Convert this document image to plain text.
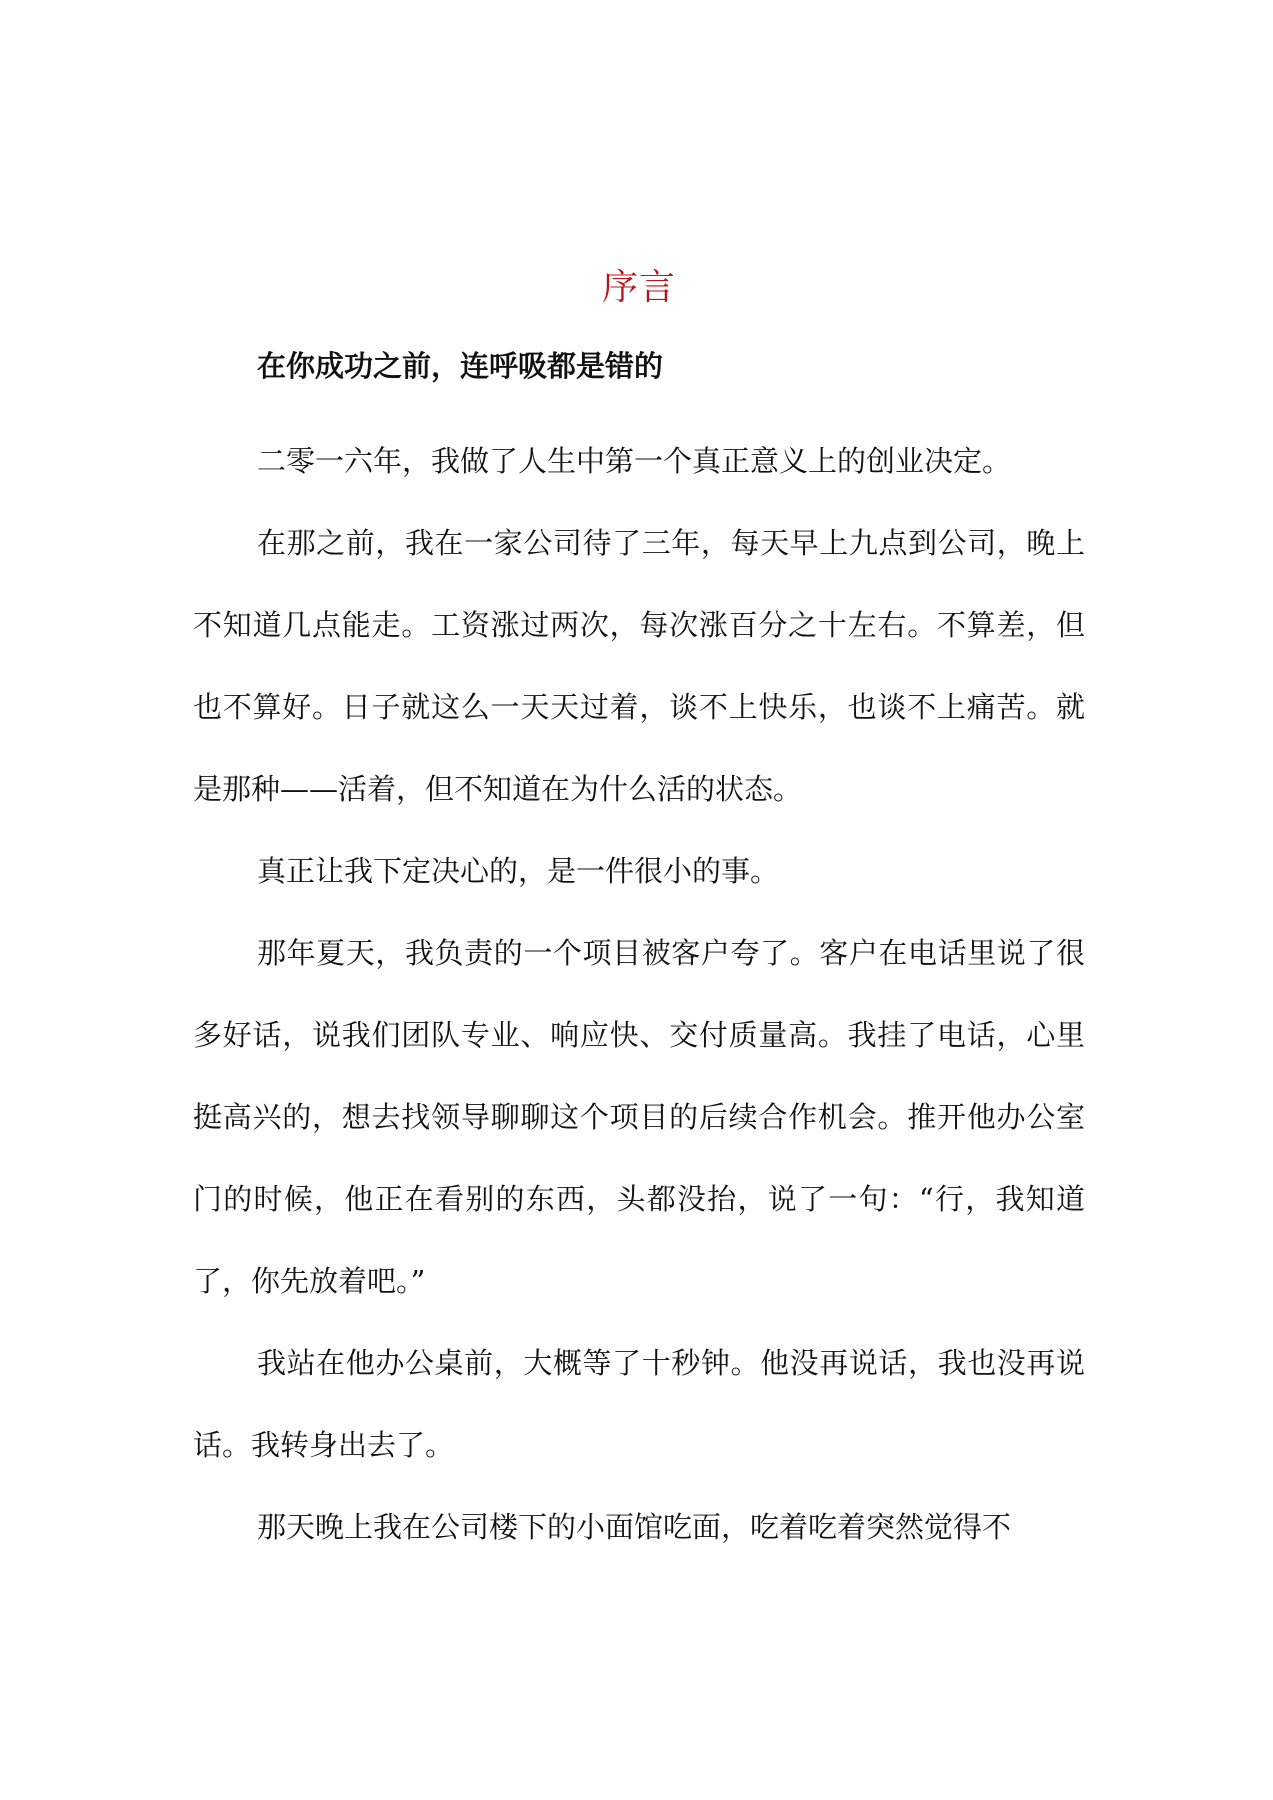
序言

在你成功之前，连呼吸都是错的

二零一六年，我做了人生中第一个真正意义上的创业决定。

在那之前，我在一家公司待了三年，每天早上九点到公司，晚上不知道几点能走。工资涨过两次，每次涨百分之十左右。不算差，但也不算好。日子就这么一天天过着，谈不上快乐，也谈不上痛苦。就是那种——活着，但不知道在为什么活的状态。

真正让我下定决心的，是一件很小的事。

那年夏天，我负责的一个项目被客户夸了。客户在电话里说了很多好话，说我们团队专业、响应快、交付质量高。我挂了电话，心里挺高兴的，想去找领导聊聊这个项目的后续合作机会。推开他办公室门的时候，他正在看别的东西，头都没抬，说了一句：“行，我知道了，你先放着吧。”

我站在他办公桌前，大概等了十秒钟。他没再说话，我也没再说话。我转身出去了。

那天晚上我在公司楼下的小面馆吃面，吃着吃着突然觉得不
